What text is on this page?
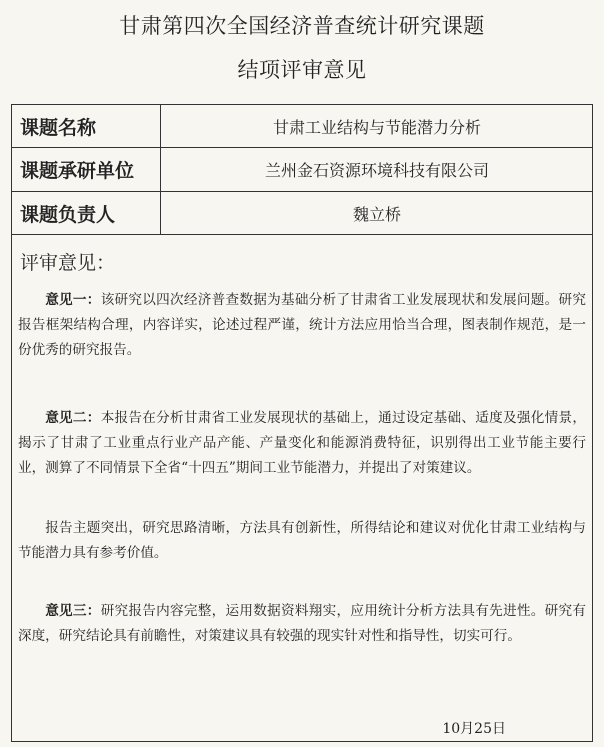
甘肃第四次全国经济普查统计研究课题
结项评审意见
课题名称	甘肃工业结构与节能潜力分析
课题承研单位	兰州金石资源环境科技有限公司
课题负责人	魏立桥
评审意见：
意见一：该研究以四次经济普查数据为基础分析了甘肃省工业发展现状和发展问题。研究报告框架结构合理，内容详实，论述过程严谨，统计方法应用恰当合理，图表制作规范，是一份优秀的研究报告。
意见二：本报告在分析甘肃省工业发展现状的基础上，通过设定基础、适度及强化情景，揭示了甘肃了工业重点行业产品产能、产量变化和能源消费特征，识别得出工业节能主要行业，测算了不同情景下全省“十四五”期间工业节能潜力，并提出了对策建议。
报告主题突出，研究思路清晰，方法具有创新性，所得结论和建议对优化甘肃工业结构与节能潜力具有参考价值。
意见三：研究报告内容完整，运用数据资料翔实，应用统计分析方法具有先进性。研究有深度，研究结论具有前瞻性，对策建议具有较强的现实针对性和指导性，切实可行。
10月25日
